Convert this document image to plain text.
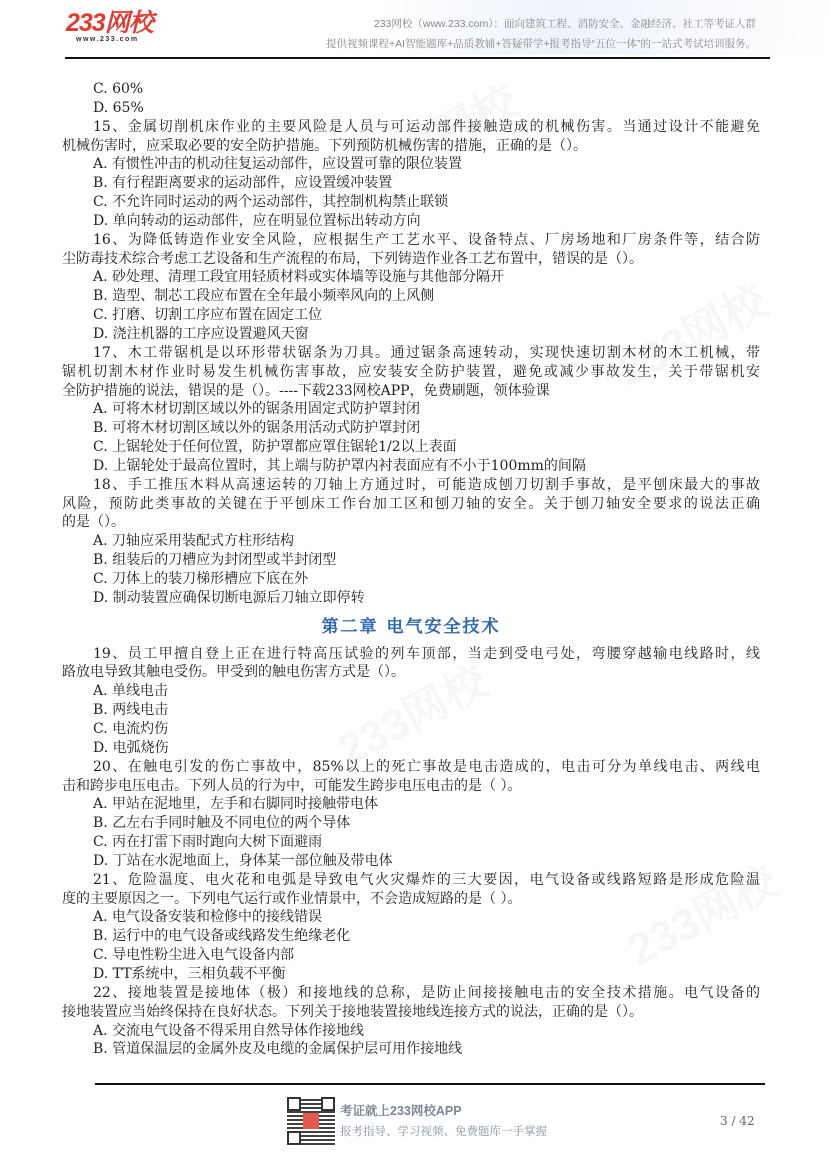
233网校
www.233.com
233网校（www.233.com）：面向建筑工程、消防安全、金融经济、社工等考证人群
提供视频课程+AI智能题库+品质教辅+答疑带学+报考指导“五位一体”的一站式考试培训服务。
C. 60%
D. 65%
15、金属切削机床作业的主要风险是人员与可运动部件接触造成的机械伤害。当通过设计不能避免
机械伤害时，应采取必要的安全防护措施。下列预防机械伤害的措施，正确的是（）。
A. 有惯性冲击的机动往复运动部件，应设置可靠的限位装置
B. 有行程距离要求的运动部件，应设置缓冲装置
C. 不允许同时运动的两个运动部件，其控制机构禁止联锁
D. 单向转动的运动部件，应在明显位置标出转动方向
16、为降低铸造作业安全风险，应根据生产工艺水平、设备特点、厂房场地和厂房条件等，结合防
尘防毒技术综合考虑工艺设备和生产流程的布局，下列铸造作业各工艺布置中，错误的是（）。
A. 砂处理、清理工段宜用轻质材料或实体墙等设施与其他部分隔开
B. 造型、制芯工段应布置在全年最小频率风向的上风侧
C. 打磨、切割工序应布置在固定工位
D. 浇注机器的工序应设置避风天窗
17、木工带锯机是以环形带状锯条为刀具。通过锯条高速转动，实现快速切割木材的木工机械，带
锯机切割木材作业时易发生机械伤害事故，应安装安全防护装置，避免或减少事故发生，关于带锯机安
全防护措施的说法，错误的是（）。----下载233网校APP，免费刷题，领体验课
A. 可将木材切割区域以外的锯条用固定式防护罩封闭
B. 可将木材切割区域以外的锯条用活动式防护罩封闭
C. 上锯轮处于任何位置，防护罩都应罩住锯轮1/2以上表面
D. 上锯轮处于最高位置时，其上端与防护罩内衬表面应有不小于100mm的间隔
18、手工推压木料从高速运转的刀轴上方通过时，可能造成刨刀切割手事故，是平刨床最大的事故
风险，预防此类事故的关键在于平刨床工作台加工区和刨刀轴的安全。关于刨刀轴安全要求的说法正确
的是（）。
A. 刀轴应采用装配式方柱形结构
B. 组装后的刀槽应为封闭型或半封闭型
C. 刀体上的装刀梯形槽应下底在外
D. 制动装置应确保切断电源后刀轴立即停转
第二章 电气安全技术
19、员工甲擅自登上正在进行特高压试验的列车顶部，当走到受电弓处，弯腰穿越输电线路时，线
路放电导致其触电受伤。甲受到的触电伤害方式是（）。
A. 单线电击
B. 两线电击
C. 电流灼伤
D. 电弧烧伤
20、在触电引发的伤亡事故中，85%以上的死亡事故是电击造成的，电击可分为单线电击、两线电
击和跨步电压电击。下列人员的行为中，可能发生跨步电压电击的是（ ）。
A. 甲站在泥地里，左手和右脚同时接触带电体
B. 乙左右手同时触及不同电位的两个导体
C. 丙在打雷下雨时跑向大树下面避雨
D. 丁站在水泥地面上，身体某一部位触及带电体
21、危险温度、电火花和电弧是导致电气火灾爆炸的三大要因，电气设备或线路短路是形成危险温
度的主要原因之一。下列电气运行或作业情景中，不会造成短路的是（ ）。
A. 电气设备安装和检修中的接线错误
B. 运行中的电气设备或线路发生绝缘老化
C. 导电性粉尘进入电气设备内部
D. TT系统中，三相负载不平衡
22、接地装置是接地体（极）和接地线的总称，是防止间接接触电击的安全技术措施。电气设备的
接地装置应当始终保持在良好状态。下列关于接地装置接地线连接方式的说法，正确的是（）。
A. 交流电气设备不得采用自然导体作接地线
B. 管道保温层的金属外皮及电缆的金属保护层可用作接地线
考证就上233网校APP
报考指导、学习视频、免费题库一手掌握
3 / 42
